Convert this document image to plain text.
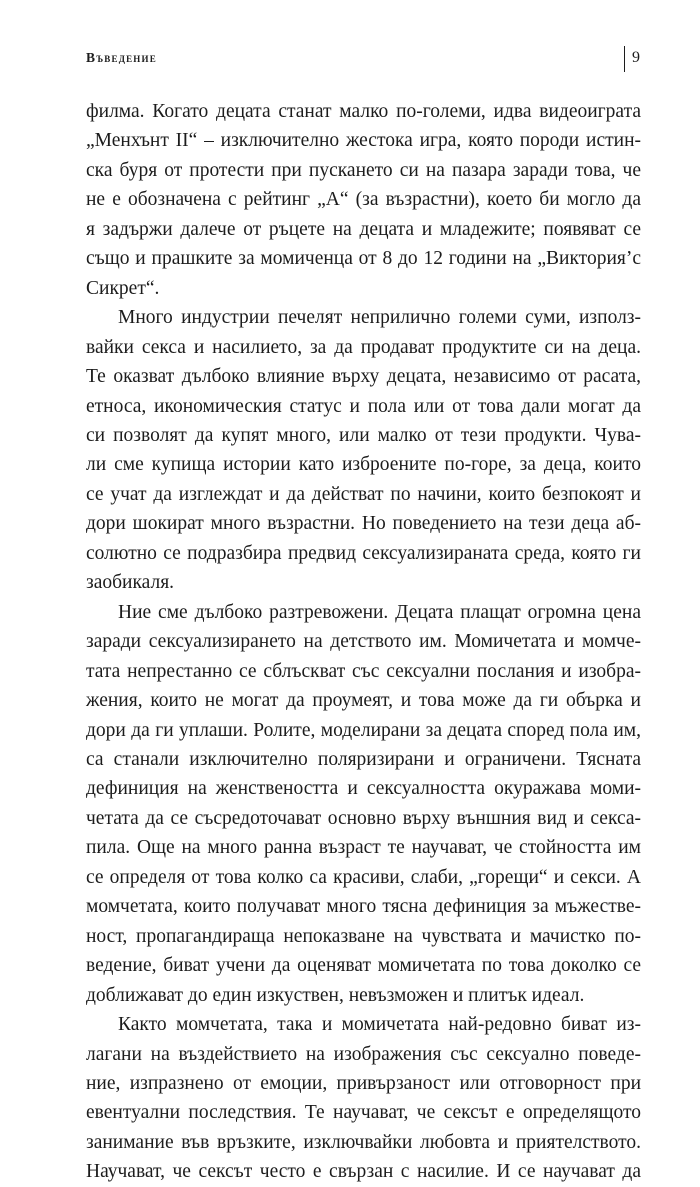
Въведение	9

филма. Когато децата станат малко по-големи, идва видеоиграта
„Менхънт II“ – изключително жестока игра, която породи истин-
ска буря от протести при пускането си на пазара заради това, че
не е обозначена с рейтинг „А“ (за възрастни), което би могло да
я задържи далече от ръцете на децата и младежите; появяват се
също и прашките за момиченца от 8 до 12 години на „Виктория’с
Сикрет“.

Много индустрии печелят неприлично големи суми, използ-
вайки секса и насилието, за да продават продуктите си на деца.
Те оказват дълбоко влияние върху децата, независимо от расата,
етноса, икономическия статус и пола или от това дали могат да
си позволят да купят много, или малко от тези продукти. Чува-
ли сме купища истории като изброените по-горе, за деца, които
се учат да изглеждат и да действат по начини, които безпокоят и
дори шокират много възрастни. Но поведението на тези деца аб-
солютно се подразбира предвид сексуализираната среда, която ги
заобикаля.

Ние сме дълбоко разтревожени. Децата плащат огромна цена
заради сексуализирането на детството им. Момичетата и момче-
тата непрестанно се сблъскват със сексуални послания и изобра-
жения, които не могат да проумеят, и това може да ги обърка и
дори да ги уплаши. Ролите, моделирани за децата според пола им,
са станали изключително поляризирани и ограничени. Тясната
дефиниция на женствеността и сексуалността окуражава моми-
четата да се съсредоточават основно върху външния вид и секса-
пила. Още на много ранна възраст те научават, че стойността им
се определя от това колко са красиви, слаби, „горещи“ и секси. А
момчетата, които получават много тясна дефиниция за мъжестве-
ност, пропагандираща непоказване на чувствата и мачистко по-
ведение, биват учени да оценяват момичетата по това доколко се
доближават до един изкуствен, невъзможен и плитък идеал.

Както момчетата, така и момичетата най-редовно биват из-
лагани на въздействието на изображения със сексуално поведе-
ние, изпразнено от емоции, привързаност или отговорност при
евентуални последствия. Те научават, че сексът е определящото
занимание във връзките, изключвайки любовта и приятелството.
Научават, че сексът често е свързан с насилие. И се научават да
